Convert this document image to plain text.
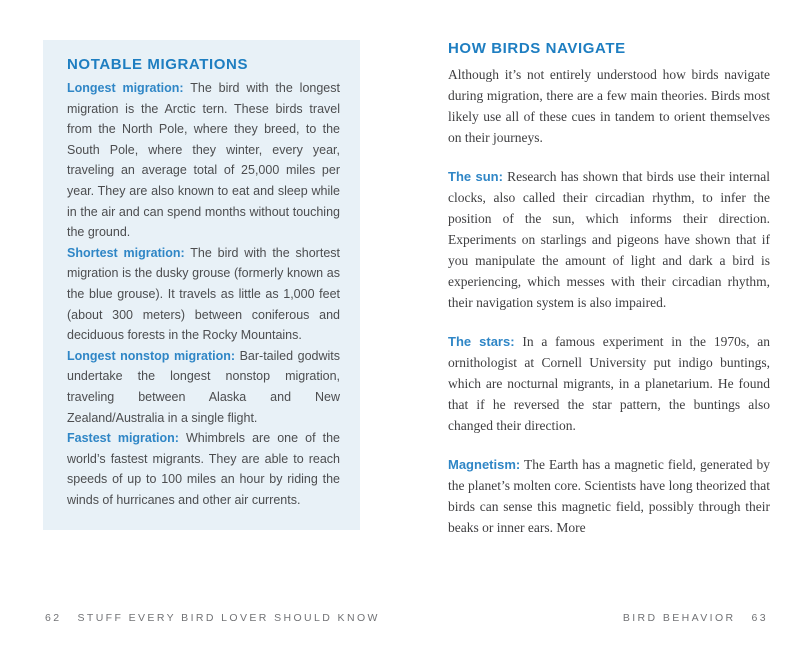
NOTABLE MIGRATIONS

Longest migration: The bird with the longest migration is the Arctic tern. These birds travel from the North Pole, where they breed, to the South Pole, where they winter, every year, traveling an average total of 25,000 miles per year. They are also known to eat and sleep while in the air and can spend months without touching the ground.

Shortest migration: The bird with the shortest migration is the dusky grouse (formerly known as the blue grouse). It travels as little as 1,000 feet (about 300 meters) between coniferous and deciduous forests in the Rocky Mountains.

Longest nonstop migration: Bar-tailed godwits undertake the longest nonstop migration, traveling between Alaska and New Zealand/Australia in a single flight.

Fastest migration: Whimbrels are one of the world’s fastest migrants. They are able to reach speeds of up to 100 miles an hour by riding the winds of hurricanes and other air currents.

62 STUFF EVERY BIRD LOVER SHOULD KNOW
HOW BIRDS NAVIGATE

Although it’s not entirely understood how birds navigate during migration, there are a few main theories. Birds most likely use all of these cues in tandem to orient themselves on their journeys.

The sun: Research has shown that birds use their internal clocks, also called their circadian rhythm, to infer the position of the sun, which informs their direction. Experiments on starlings and pigeons have shown that if you manipulate the amount of light and dark a bird is experiencing, which messes with their circadian rhythm, their navigation system is also impaired.

The stars: In a famous experiment in the 1970s, an ornithologist at Cornell University put indigo buntings, which are nocturnal migrants, in a planetarium. He found that if he reversed the star pattern, the buntings also changed their direction.

Magnetism: The Earth has a magnetic field, generated by the planet’s molten core. Scientists have long theorized that birds can sense this magnetic field, possibly through their beaks or inner ears. More

BIRD BEHAVIOR 63
